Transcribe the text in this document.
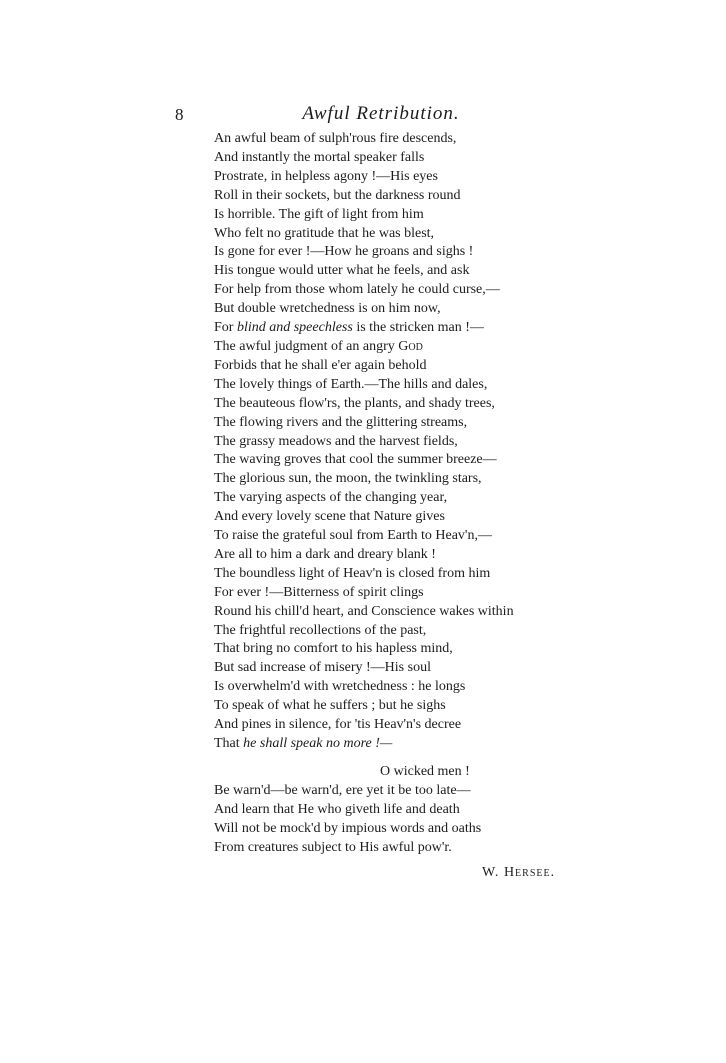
8	Awful Retribution.
An awful beam of sulph'rous fire descends,
And instantly the mortal speaker falls
Prostrate, in helpless agony !—His eyes
Roll in their sockets, but the darkness round
Is horrible. The gift of light from him
Who felt no gratitude that he was blest,
Is gone for ever !—How he groans and sighs !
His tongue would utter what he feels, and ask
For help from those whom lately he could curse,—
But double wretchedness is on him now,
For blind and speechless is the stricken man !—
The awful judgment of an angry God
Forbids that he shall e'er again behold
The lovely things of Earth.—The hills and dales,
The beauteous flow'rs, the plants, and shady trees,
The flowing rivers and the glittering streams,
The grassy meadows and the harvest fields,
The waving groves that cool the summer breeze—
The glorious sun, the moon, the twinkling stars,
The varying aspects of the changing year,
And every lovely scene that Nature gives
To raise the grateful soul from Earth to Heav'n,—
Are all to him a dark and dreary blank !
The boundless light of Heav'n is closed from him
For ever !—Bitterness of spirit clings
Round his chill'd heart, and Conscience wakes within
The frightful recollections of the past,
That bring no comfort to his hapless mind,
But sad increase of misery !—His soul
Is overwhelm'd with wretchedness : he longs
To speak of what he suffers ; but he sighs
And pines in silence, for 'tis Heav'n's decree
That he shall speak no more !—
O wicked men !
Be warn'd—be warn'd, ere yet it be too late—
And learn that He who giveth life and death
Will not be mock'd by impious words and oaths
From creatures subject to His awful pow'r.
W. Hersee.
